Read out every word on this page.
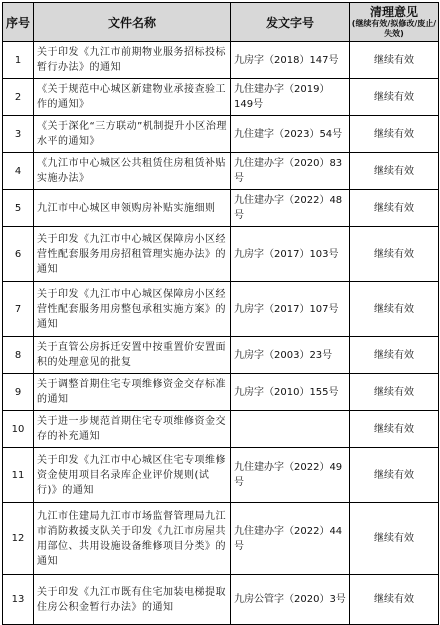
序号	文件名称	发文字号	清理意见
(继续有效/拟修改/废止/失效)

1	关于印发《九江市前期物业服务招标投标暂行办法》的通知	九房字（2018）147号	继续有效
2	《关于规范中心城区新建物业承接查验工作的通知》	九住建办字（2019）149号	继续有效
3	《关于深化“三方联动”机制提升小区治理水平的通知》	九住建字（2023）54号	继续有效
4	《九江市中心城区公共租赁住房租赁补贴实施办法》	九住建办字（2020）83号	继续有效
5	九江市中心城区申领购房补贴实施细则	九住建办字（2022）48号	继续有效
6	关于印发《九江市中心城区保障房小区经营性配套服务用房招租管理实施办法》的通知	九房字（2017）103号	继续有效
7	关于印发《九江市中心城区保障房小区经营性配套服务用房整包承租实施方案》的通知	九房字（2017）107号	继续有效
8	关于直管公房拆迁安置中按重置价安置面积的处理意见的批复	九房字（2003）23号	继续有效
9	关于调整首期住宅专项维修资金交存标准的通知	九房字（2010）155号	继续有效
10	关于进一步规范首期住宅专项维修资金交存的补充通知		继续有效
11	关于印发《九江市中心城区住宅专项维修资金使用项目名录库企业评价规则(试行)》的通知	九住建办字（2022）49号	继续有效
12	九江市住建局九江市市场监督管理局九江市消防救援支队关于印发《九江市房屋共用部位、共用设施设备维修项目分类》的通知	九住建办字（2022）44号	继续有效
13	关于印发《九江市既有住宅加装电梯提取住房公积金暂行办法》的通知	九房公管字（2020）3号	继续有效
